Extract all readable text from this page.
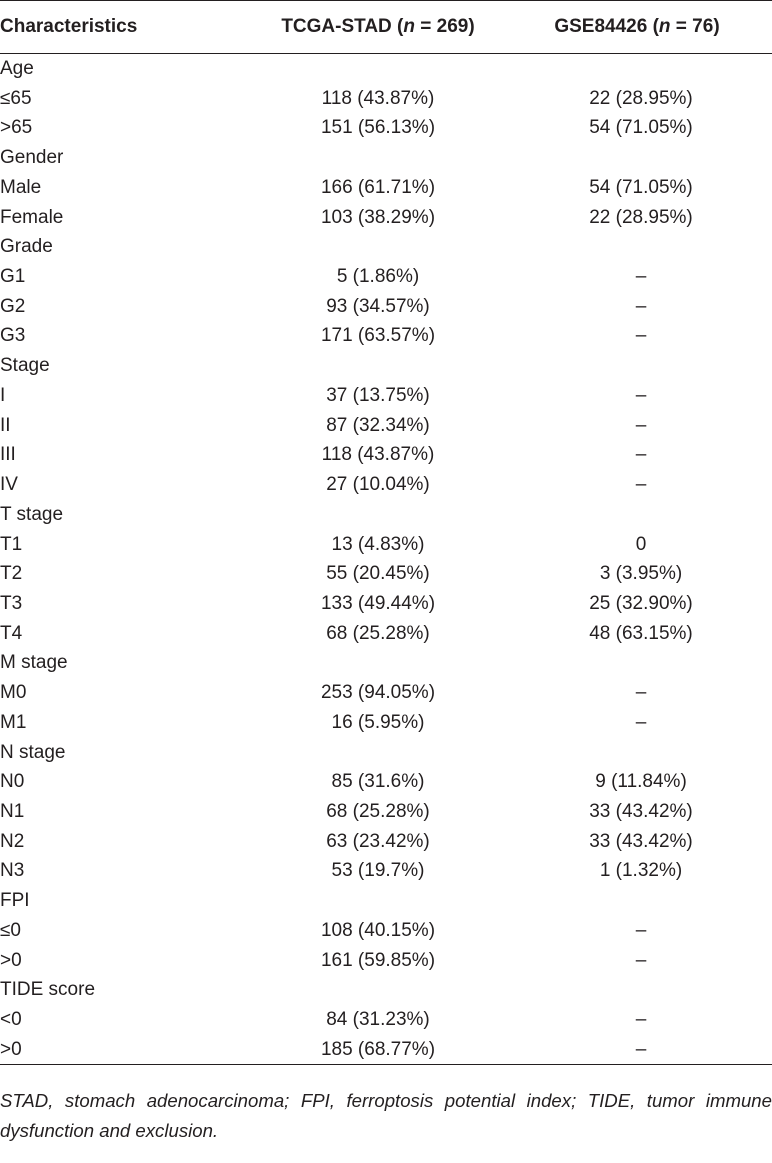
Characteristics	TCGA-STAD (n = 269)	GSE84426 (n = 76)
Age		
≤65	118 (43.87%)	22 (28.95%)
>65	151 (56.13%)	54 (71.05%)
Gender		
Male	166 (61.71%)	54 (71.05%)
Female	103 (38.29%)	22 (28.95%)
Grade		
G1	5 (1.86%)	–
G2	93 (34.57%)	–
G3	171 (63.57%)	–
Stage		
I	37 (13.75%)	–
II	87 (32.34%)	–
III	118 (43.87%)	–
IV	27 (10.04%)	–
T stage		
T1	13 (4.83%)	0
T2	55 (20.45%)	3 (3.95%)
T3	133 (49.44%)	25 (32.90%)
T4	68 (25.28%)	48 (63.15%)
M stage		
M0	253 (94.05%)	–
M1	16 (5.95%)	–
N stage		
N0	85 (31.6%)	9 (11.84%)
N1	68 (25.28%)	33 (43.42%)
N2	63 (23.42%)	33 (43.42%)
N3	53 (19.7%)	1 (1.32%)
FPI		
≤0	108 (40.15%)	–
>0	161 (59.85%)	–
TIDE score		
<0	84 (31.23%)	–
>0	185 (68.77%)	–

STAD, stomach adenocarcinoma; FPI, ferroptosis potential index; TIDE, tumor immune dysfunction and exclusion.
